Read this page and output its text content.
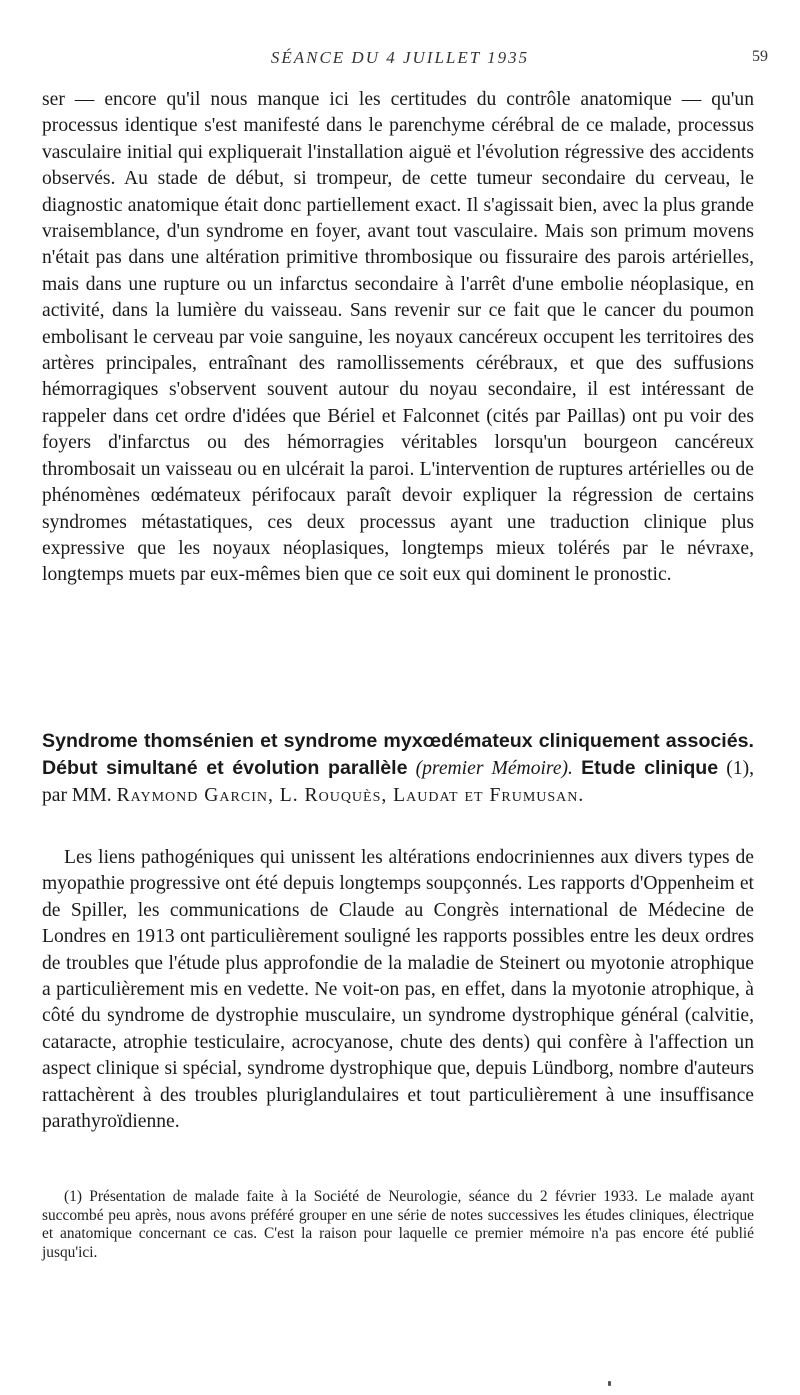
SÉANCE DU 4 JUILLET 1935	59

ser — encore qu'il nous manque ici les certitudes du contrôle anatomique — qu'un processus identique s'est manifesté dans le parenchyme cérébral de ce malade, processus vasculaire initial qui expliquerait l'installation aiguë et l'évolution régressive des accidents observés. Au stade de début, si trompeur, de cette tumeur secondaire du cerveau, le diagnostic anatomique était donc partiellement exact. Il s'agissait bien, avec la plus grande vraisemblance, d'un syndrome en foyer, avant tout vasculaire. Mais son primum movens n'était pas dans une altération primitive thrombosique ou fissuraire des parois artérielles, mais dans une rupture ou un infarctus secondaire à l'arrêt d'une embolie néoplasique, en activité, dans la lumière du vaisseau. Sans revenir sur ce fait que le cancer du poumon embolisant le cerveau par voie sanguine, les noyaux cancéreux occupent les territoires des artères principales, entraînant des ramollissements cérébraux, et que des suffusions hémorragiques s'observent souvent autour du noyau secondaire, il est intéressant de rappeler dans cet ordre d'idées que Bériel et Falconnet (cités par Paillas) ont pu voir des foyers d'infarctus ou des hémorragies véritables lorsqu'un bourgeon cancéreux thrombosait un vaisseau ou en ulcérait la paroi. L'intervention de ruptures artérielles ou de phénomènes œdémateux périfocaux paraît devoir expliquer la régression de certains syndromes métastatiques, ces deux processus ayant une traduction clinique plus expressive que les noyaux néoplasiques, longtemps mieux tolérés par le névraxe, longtemps muets par eux-mêmes bien que ce soit eux qui dominent le pronostic.

Syndrome thomsénien et syndrome myxœdémateux cliniquement associés. Début simultané et évolution parallèle (premier Mémoire). Etude clinique (1), par MM. Raymond Garcin, L. Rouquès, Laudat et Frumusan.

Les liens pathogéniques qui unissent les altérations endocriniennes aux divers types de myopathie progressive ont été depuis longtemps soupçonnés. Les rapports d'Oppenheim et de Spiller, les communications de Claude au Congrès international de Médecine de Londres en 1913 ont particulièrement souligné les rapports possibles entre les deux ordres de troubles que l'étude plus approfondie de la maladie de Steinert ou myotonie atrophique a particulièrement mis en vedette. Ne voit-on pas, en effet, dans la myotonie atrophique, à côté du syndrome de dystrophie musculaire, un syndrome dystrophique général (calvitie, cataracte, atrophie testiculaire, acrocyanose, chute des dents) qui confère à l'affection un aspect clinique si spécial, syndrome dystrophique que, depuis Lündborg, nombre d'auteurs rattachèrent à des troubles pluriglandulaires et tout particulièrement à une insuffisance parathyroïdienne.

(1) Présentation de malade faite à la Société de Neurologie, séance du 2 février 1933. Le malade ayant succombé peu après, nous avons préféré grouper en une série de notes successives les études cliniques, électrique et anatomique concernant ce cas. C'est la raison pour laquelle ce premier mémoire n'a pas encore été publié jusqu'ici.
